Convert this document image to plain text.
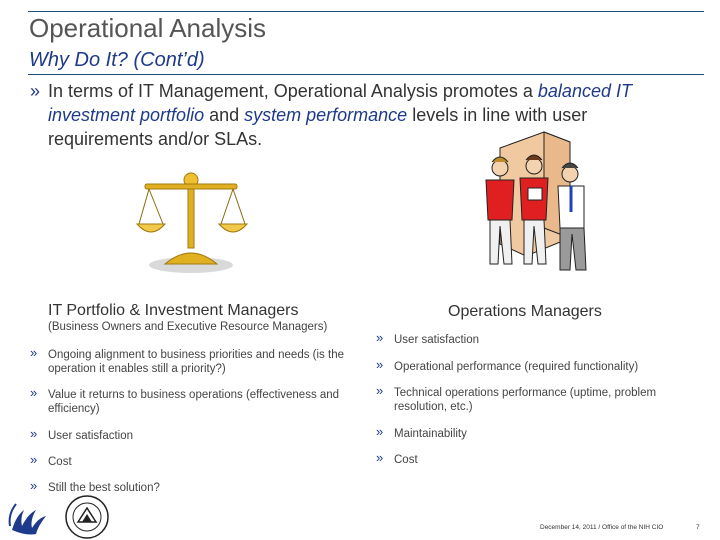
Operational Analysis
Why Do It? (Cont’d)
» In terms of IT Management, Operational Analysis promotes a balanced IT investment portfolio and system performance levels in line with user requirements and/or SLAs.
IT Portfolio & Investment Managers
(Business Owners and Executive Resource Managers)
» Ongoing alignment to business priorities and needs (is the operation it enables still a priority?)
» Value it returns to business operations (effectiveness and efficiency)
» User satisfaction
» Cost
» Still the best solution?
Operations Managers
» User satisfaction
» Operational performance (required functionality)
» Technical operations performance (uptime, problem resolution, etc.)
» Maintainability
» Cost
December 14, 2011 / Office of the NIH CIO	7
